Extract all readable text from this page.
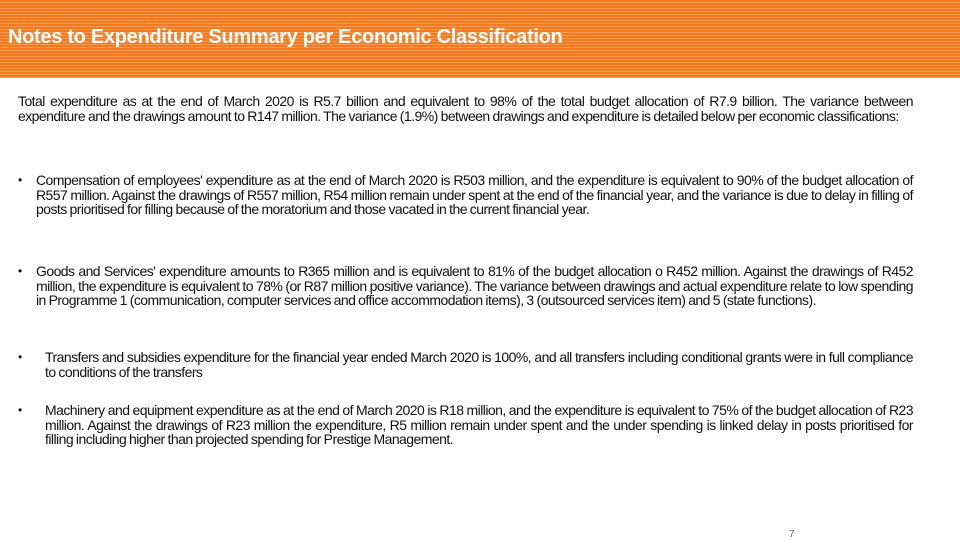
Notes to Expenditure Summary per Economic Classification
Total expenditure as at the end of March 2020 is R5.7 billion and equivalent to 98% of the total budget allocation of R7.9 billion. The variance between expenditure and the drawings amount to R147 million. The variance (1.9%) between drawings and expenditure is detailed below per economic classifications:
• Compensation of employees' expenditure as at the end of March 2020 is R503 million, and the expenditure is equivalent to 90% of the budget allocation of R557 million. Against the drawings of R557 million, R54 million remain under spent at the end of the financial year, and the variance is due to delay in filling of posts prioritised for filling because of the moratorium and those vacated in the current financial year.
• Goods and Services' expenditure amounts to R365 million and is equivalent to 81% of the budget allocation o R452 million. Against the drawings of R452 million, the expenditure is equivalent to 78% (or R87 million positive variance). The variance between drawings and actual expenditure relate to low spending in Programme 1 (communication, computer services and office accommodation items), 3 (outsourced services item) and 5 (state functions).
• Transfers and subsidies expenditure for the financial year ended March 2020 is 100%, and all transfers including conditional grants were in full compliance to conditions of the transfers
• Machinery and equipment expenditure as at the end of March 2020 is R18 million, and the expenditure is equivalent to 75% of the budget allocation of R23 million. Against the drawings of R23 million the expenditure, R5 million remain under spent and the under spending is linked delay in posts prioritised for filling including higher than projected spending for Prestige Management.
7
